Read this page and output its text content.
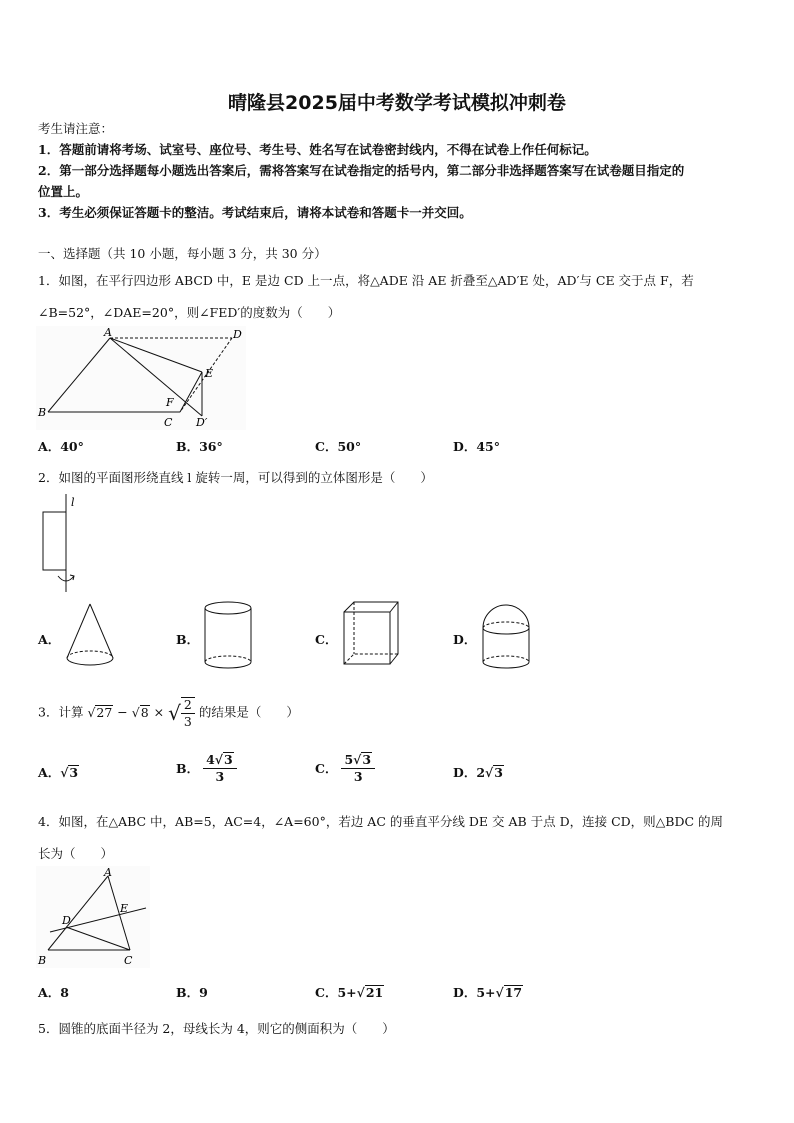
晴隆县2025届中考数学考试模拟冲刺卷
考生请注意：
1．答题前请将考场、试室号、座位号、考生号、姓名写在试卷密封线内，不得在试卷上作任何标记。
2．第一部分选择题每小题选出答案后，需将答案写在试卷指定的括号内，第二部分非选择题答案写在试卷题目指定的
位置上。
3．考生必须保证答题卡的整洁。考试结束后，请将本试卷和答题卡一并交回。
一、选择题（共 10 小题，每小题 3 分，共 30 分）
1．如图，在平行四边形 ABCD 中，E 是边 CD 上一点，将△ADE 沿 AE 折叠至△AD′E 处，AD′与 CE 交于点 F，若
∠B=52°，∠DAE=20°，则∠FED′的度数为（　　）
A	D
E
F
B
C D′
A．40°	B．36°	C．50°	D．45°
2．如图的平面图形绕直线 l 旋转一周，可以得到的立体图形是（　　）
l
A．	B．	C．	D．
3．计算 √27 − √8 × √ $\frac{2}{3}$ 的结果是（　　）
A．√3	B． $\frac{4√3}{3}$	C． $\frac{5√3}{3}$	D．2√3
4．如图，在△ABC 中，AB=5，AC=4，∠A=60°，若边 AC 的垂直平分线 DE 交 AB 于点 D，连接 CD，则△BDC 的周
长为（　　）
A
E
D
B	C
A．8	B．9	C．5+√21	D．5+√17
5．圆锥的底面半径为 2，母线长为 4，则它的侧面积为（　　）
